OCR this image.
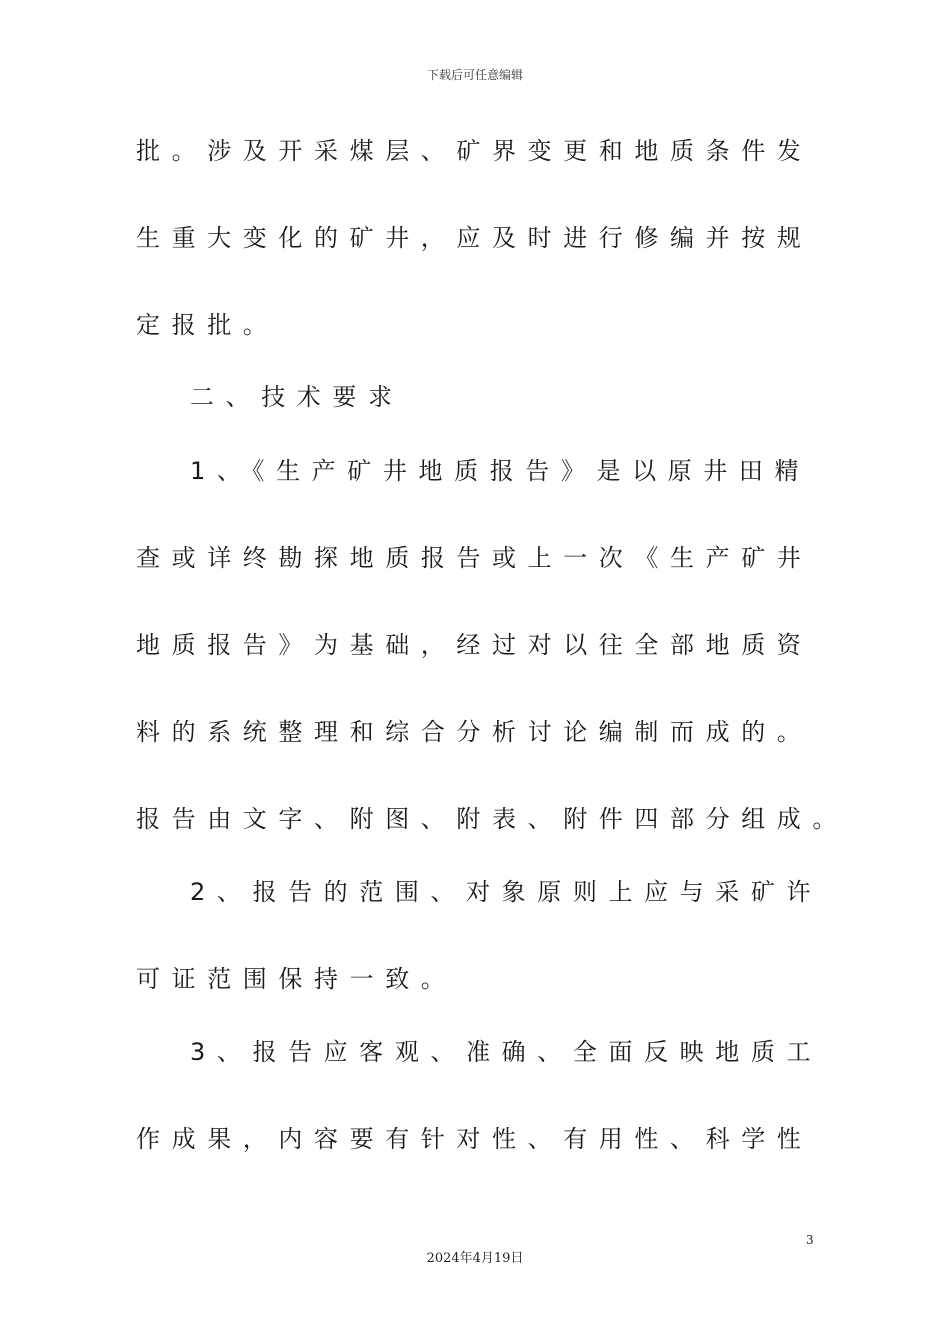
下载后可任意编辑
批。涉及开采煤层、矿界变更和地质条件发
生重大变化的矿井，应及时进行修编并按规
定报批。
二、技术要求
1、《生产矿井地质报告》是以原井田精
查或详终勘探地质报告或上一次《生产矿井
地质报告》为基础，经过对以往全部地质资
料的系统整理和综合分析讨论编制而成的。
报告由文字、附图、附表、附件四部分组成。
2、报告的范围、对象原则上应与采矿许
可证范围保持一致。
3、报告应客观、准确、全面反映地质工
作成果，内容要有针对性、有用性、科学性
3
2024年4月19日
